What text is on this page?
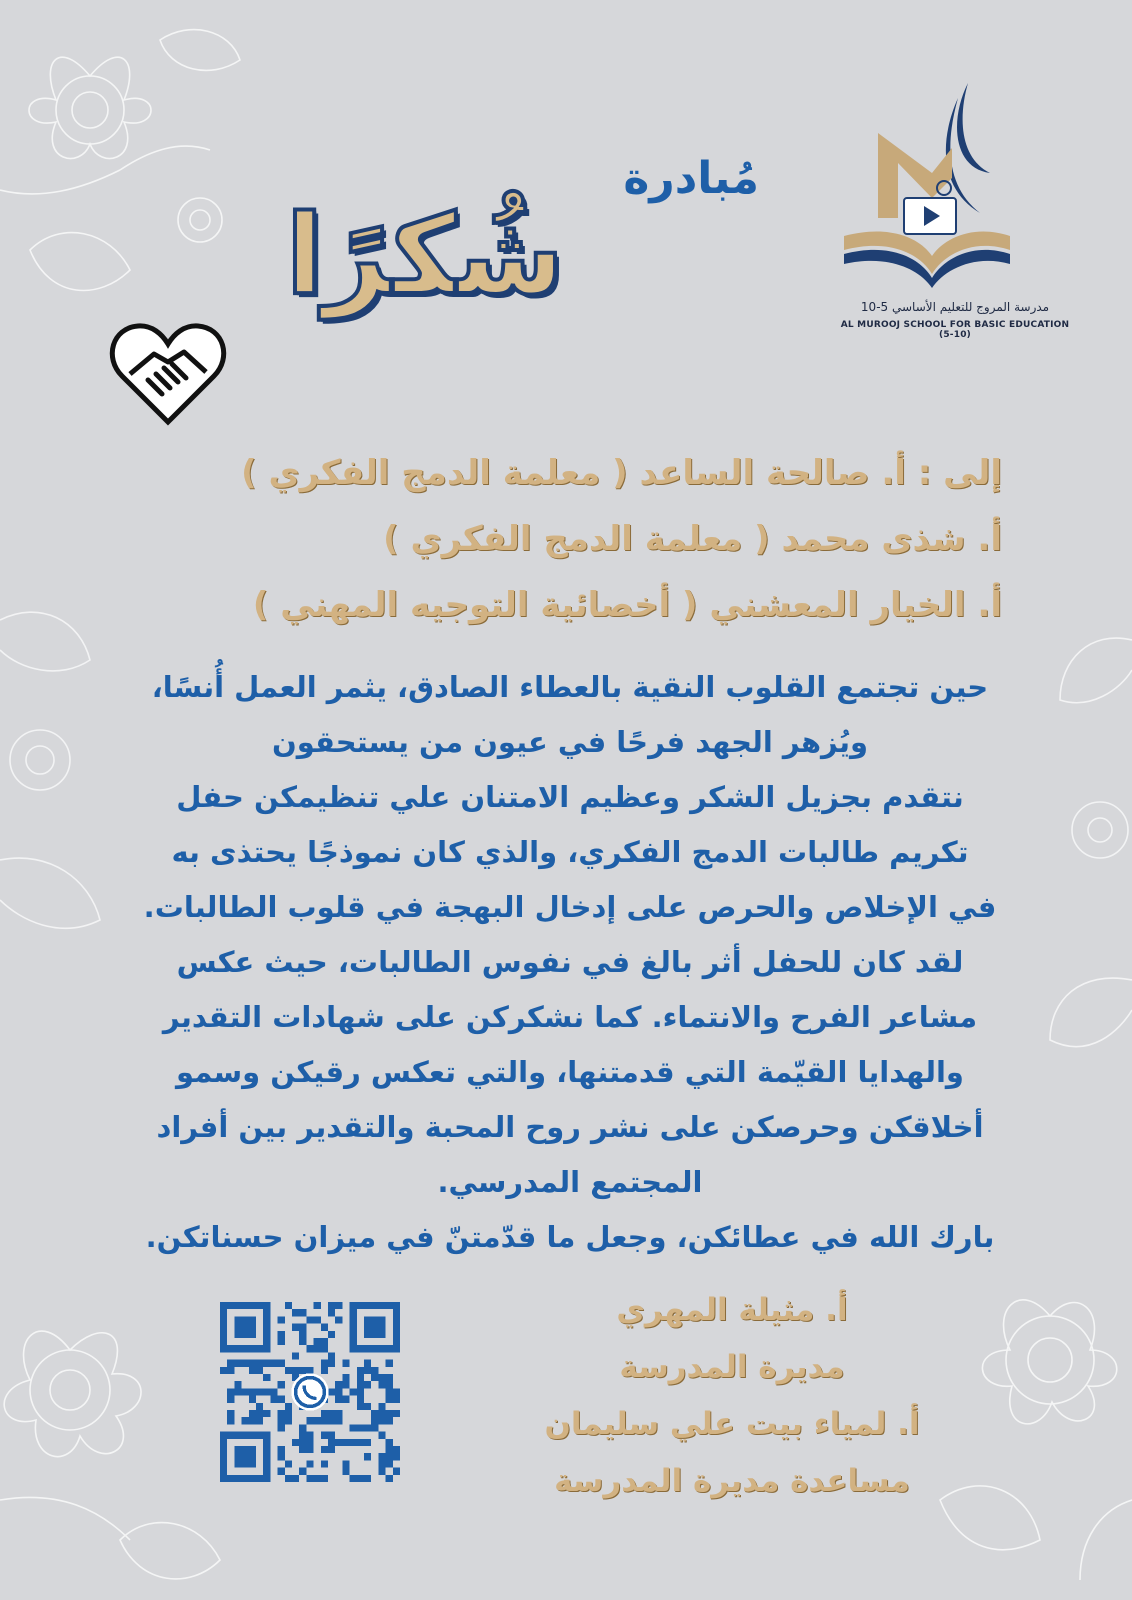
مدرسة المروج للتعليم الأساسي 5-10
AL MUROOJ SCHOOL FOR BASIC EDUCATION (5-10)
مُبادرة
شُكرًا
إلى : أ. صالحة الساعد ( معلمة الدمج الفكري )
أ. شذى محمد ( معلمة الدمج الفكري )
أ. الخيار المعشني ( أخصائية التوجيه المهني )
حين تجتمع القلوب النقية بالعطاء الصادق، يثمر العمل أُنسًا،
ويُزهر الجهد فرحًا في عيون من يستحقون
نتقدم بجزيل الشكر وعظيم الامتنان علي تنظيمكن حفل
تكريم طالبات الدمج الفكري، والذي كان نموذجًا يحتذى به
في الإخلاص والحرص على إدخال البهجة في قلوب الطالبات.
لقد كان للحفل أثر بالغ في نفوس الطالبات، حيث عكس
مشاعر الفرح والانتماء. كما نشكركن على شهادات التقدير
والهدايا القيّمة التي قدمتنها، والتي تعكس رقيكن وسمو
أخلاقكن وحرصكن على نشر روح المحبة والتقدير بين أفراد
المجتمع المدرسي.
بارك الله في عطائكن، وجعل ما قدّمتنّ في ميزان حسناتكن.
أ. مثيلة المهري
مديرة المدرسة
أ. لمياء بيت علي سليمان
مساعدة مديرة المدرسة
